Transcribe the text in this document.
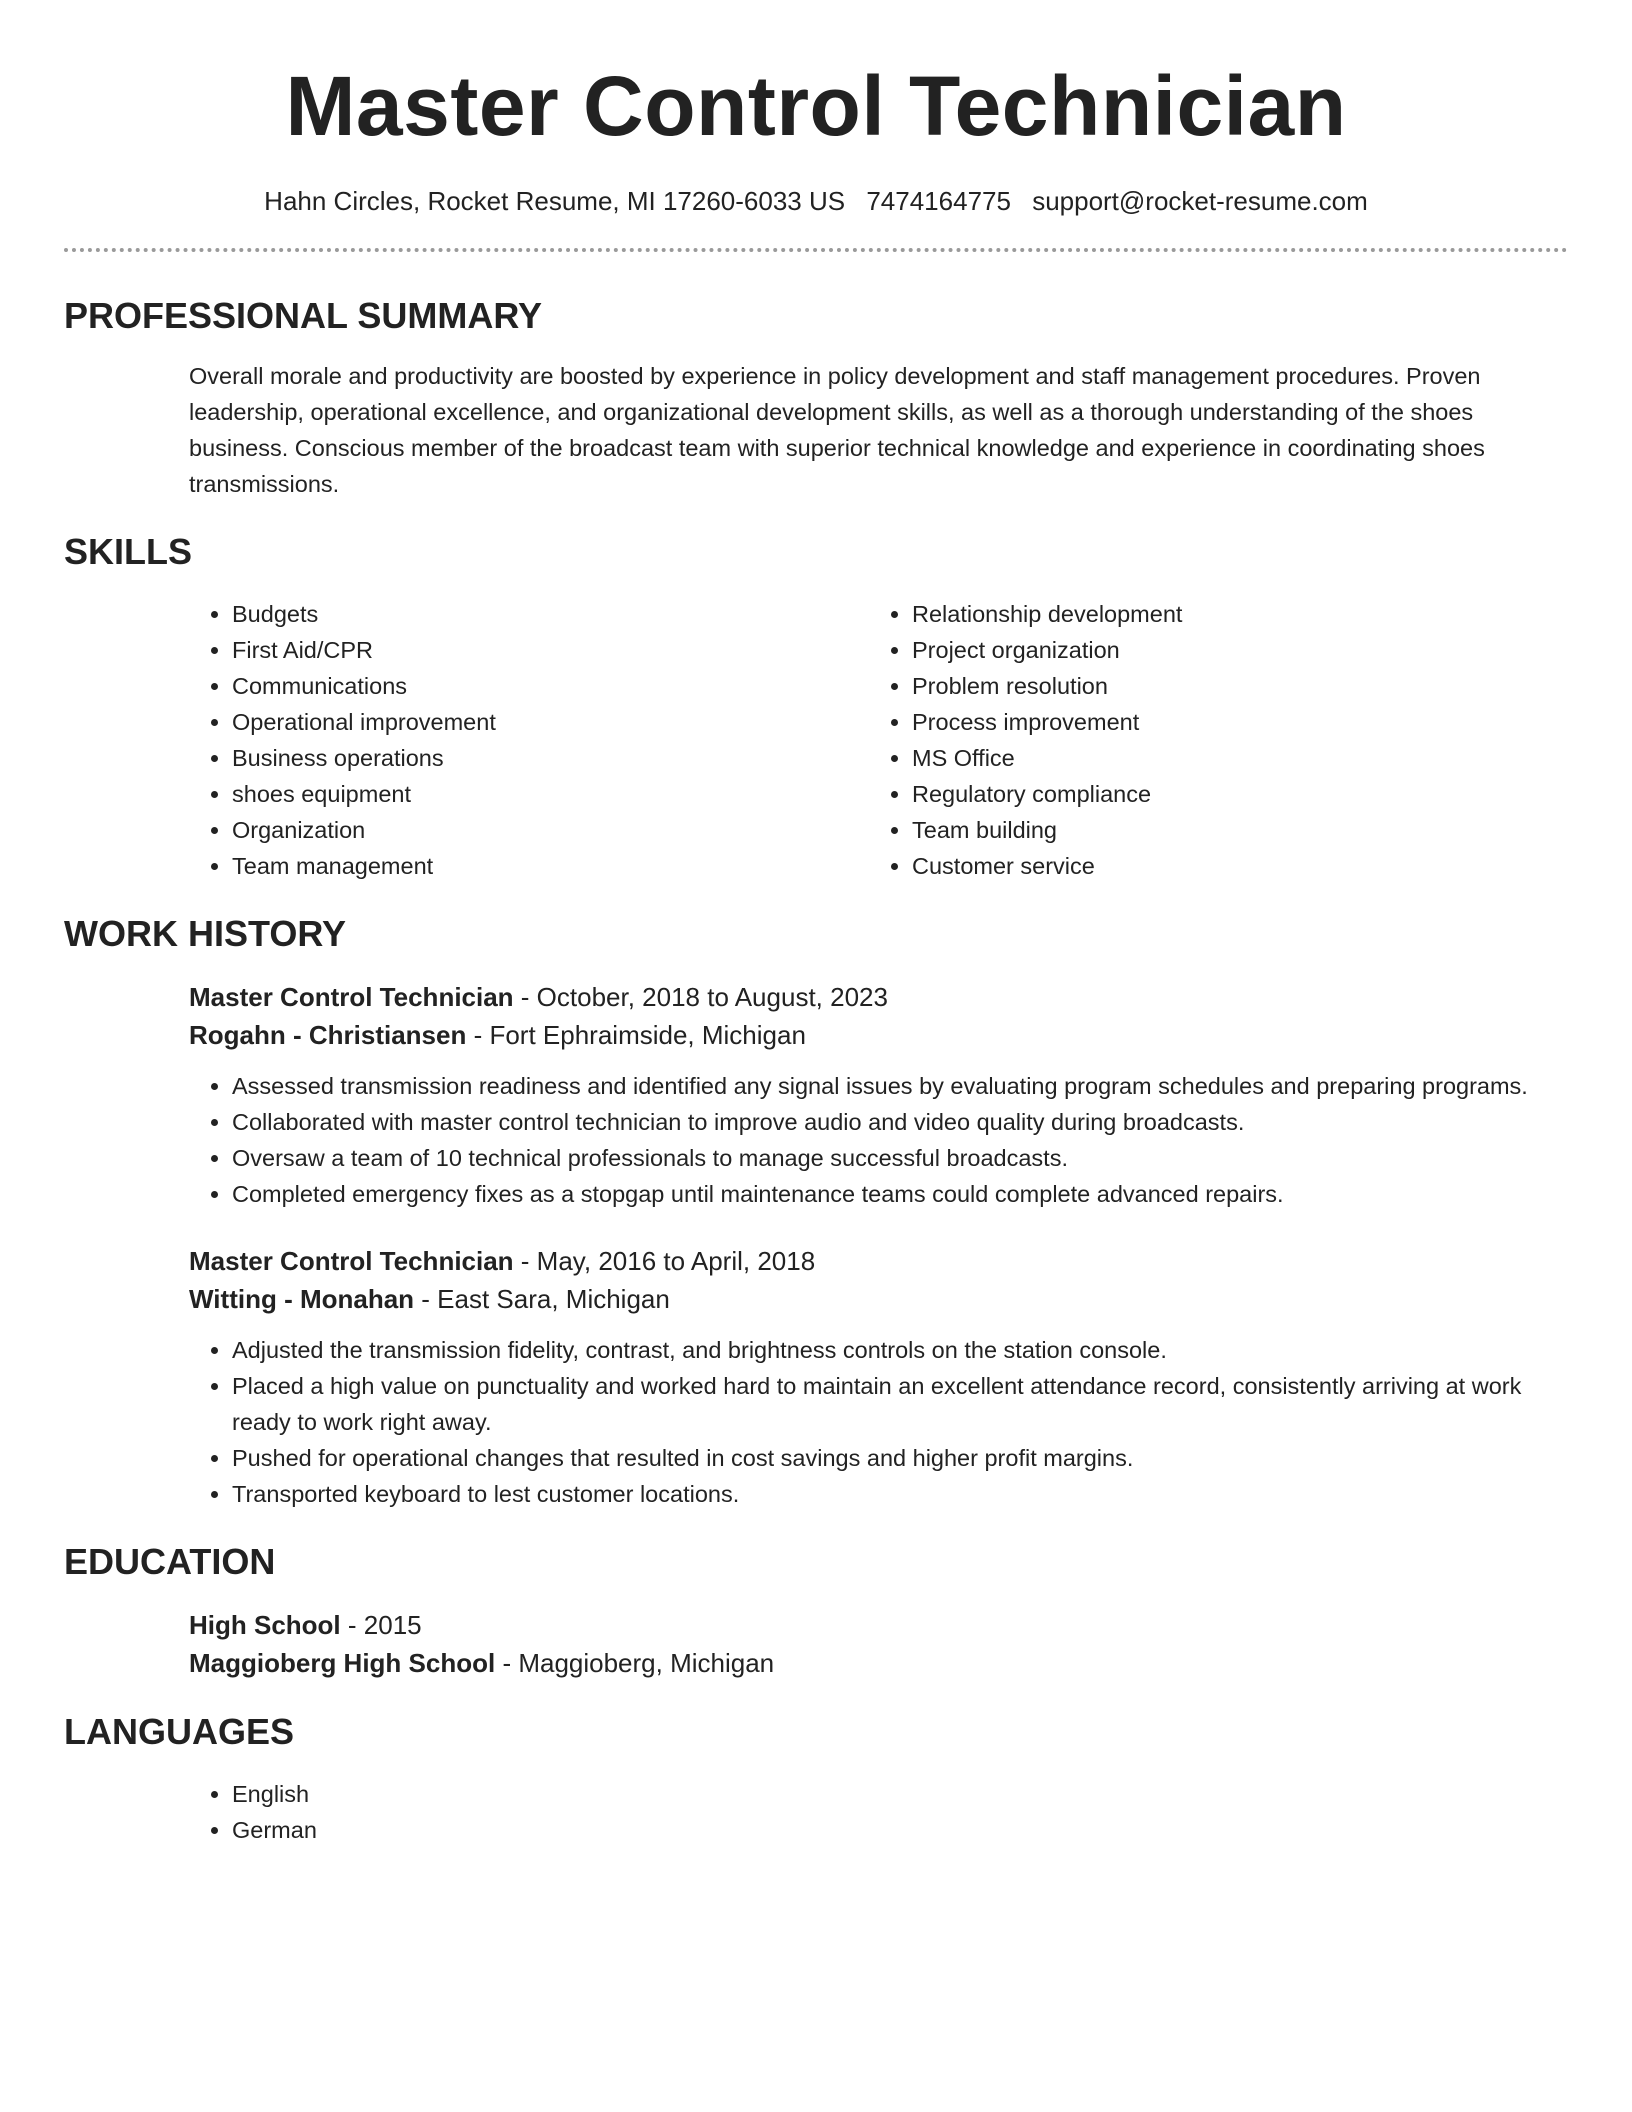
Master Control Technician
Hahn Circles, Rocket Resume, MI 17260-6033 US 7474164775 support@rocket-resume.com
PROFESSIONAL SUMMARY
Overall morale and productivity are boosted by experience in policy development and staff management procedures. Proven leadership, operational excellence, and organizational development skills, as well as a thorough understanding of the shoes business. Conscious member of the broadcast team with superior technical knowledge and experience in coordinating shoes transmissions.
SKILLS
• Budgets
• First Aid/CPR
• Communications
• Operational improvement
• Business operations
• shoes equipment
• Organization
• Team management
• Relationship development
• Project organization
• Problem resolution
• Process improvement
• MS Office
• Regulatory compliance
• Team building
• Customer service
WORK HISTORY
Master Control Technician - October, 2018 to August, 2023
Rogahn - Christiansen - Fort Ephraimside, Michigan
• Assessed transmission readiness and identified any signal issues by evaluating program schedules and preparing programs.
• Collaborated with master control technician to improve audio and video quality during broadcasts.
• Oversaw a team of 10 technical professionals to manage successful broadcasts.
• Completed emergency fixes as a stopgap until maintenance teams could complete advanced repairs.
Master Control Technician - May, 2016 to April, 2018
Witting - Monahan - East Sara, Michigan
• Adjusted the transmission fidelity, contrast, and brightness controls on the station console.
• Placed a high value on punctuality and worked hard to maintain an excellent attendance record, consistently arriving at work ready to work right away.
• Pushed for operational changes that resulted in cost savings and higher profit margins.
• Transported keyboard to lest customer locations.
EDUCATION
High School - 2015
Maggioberg High School - Maggioberg, Michigan
LANGUAGES
• English
• German
